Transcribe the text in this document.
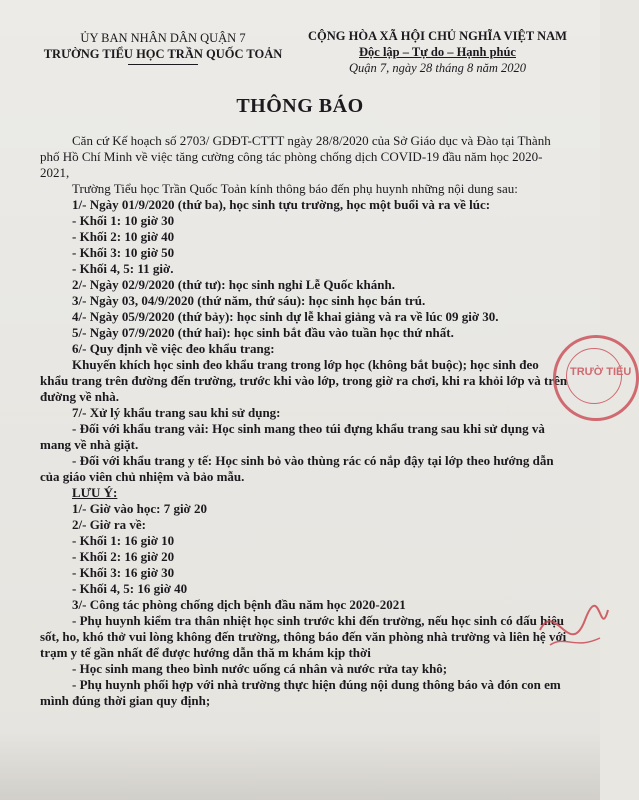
ỦY BAN NHÂN DÂN QUẬN 7
TRƯỜNG TIỂU HỌC TRẦN QUỐC TOẢN
CỘNG HÒA XÃ HỘI CHỦ NGHĨA VIỆT NAM
Độc lập – Tự do – Hạnh phúc
Quận 7, ngày 28 tháng 8 năm 2020
THÔNG BÁO

Căn cứ Kế hoạch số 2703/ GDĐT-CTTT ngày 28/8/2020 của Sở Giáo dục và Đào tại Thành phố Hồ Chí Minh về việc tăng cường công tác phòng chống dịch COVID-19 đầu năm học 2020-2021,

Trường Tiểu học Trần Quốc Toản kính thông báo đến phụ huynh những nội dung sau:

1/- Ngày 01/9/2020 (thứ ba), học sinh tựu trường, học một buổi và ra về lúc:

- Khối 1: 10 giờ 30

- Khối 2: 10 giờ 40

- Khối 3: 10 giờ 50

- Khối 4, 5: 11 giờ.

2/- Ngày 02/9/2020 (thứ tư): học sinh nghỉ Lễ Quốc khánh.

3/- Ngày 03, 04/9/2020 (thứ năm, thứ sáu): học sinh học bán trú.

4/- Ngày 05/9/2020 (thứ bảy): học sinh dự lễ khai giảng và ra về lúc 09 giờ 30.

5/- Ngày 07/9/2020 (thứ hai): học sinh bắt đầu vào tuần học thứ nhất.

6/- Quy định về việc đeo khẩu trang:

Khuyến khích học sinh đeo khẩu trang trong lớp học (không bắt buộc); học sinh đeo khẩu trang trên đường đến trường, trước khi vào lớp, trong giờ ra chơi, khi ra khỏi lớp và trên đường về nhà.

7/- Xử lý khẩu trang sau khi sử dụng:

- Đối với khẩu trang vải: Học sinh mang theo túi đựng khẩu trang sau khi sử dụng và mang về nhà giặt.

- Đối với khẩu trang y tế: Học sinh bỏ vào thùng rác có nắp đậy tại lớp theo hướng dẫn của giáo viên chủ nhiệm và bảo mẫu.

LƯU Ý:

1/- Giờ vào học: 7 giờ 20

2/- Giờ ra về:

- Khối 1: 16 giờ 10

- Khối 2: 16 giờ 20

- Khối 3: 16 giờ 30

- Khối 4, 5: 16 giờ 40

3/- Công tác phòng chống dịch bệnh đầu năm học 2020-2021

- Phụ huynh kiểm tra thân nhiệt học sinh trước khi đến trường, nếu học sinh có dấu hiệu sốt, ho, khó thở vui lòng không đến trường, thông báo đến văn phòng nhà trường và liên hệ với trạm y tế gần nhất để được hướng dẫn thă m khám kịp thời

- Học sinh mang theo bình nước uống cá nhân và nước rửa tay khô;

- Phụ huynh phối hợp với nhà trường thực hiện đúng nội dung thông báo và đón con em mình đúng thời gian quy định;

TRƯỜ TIỂU
